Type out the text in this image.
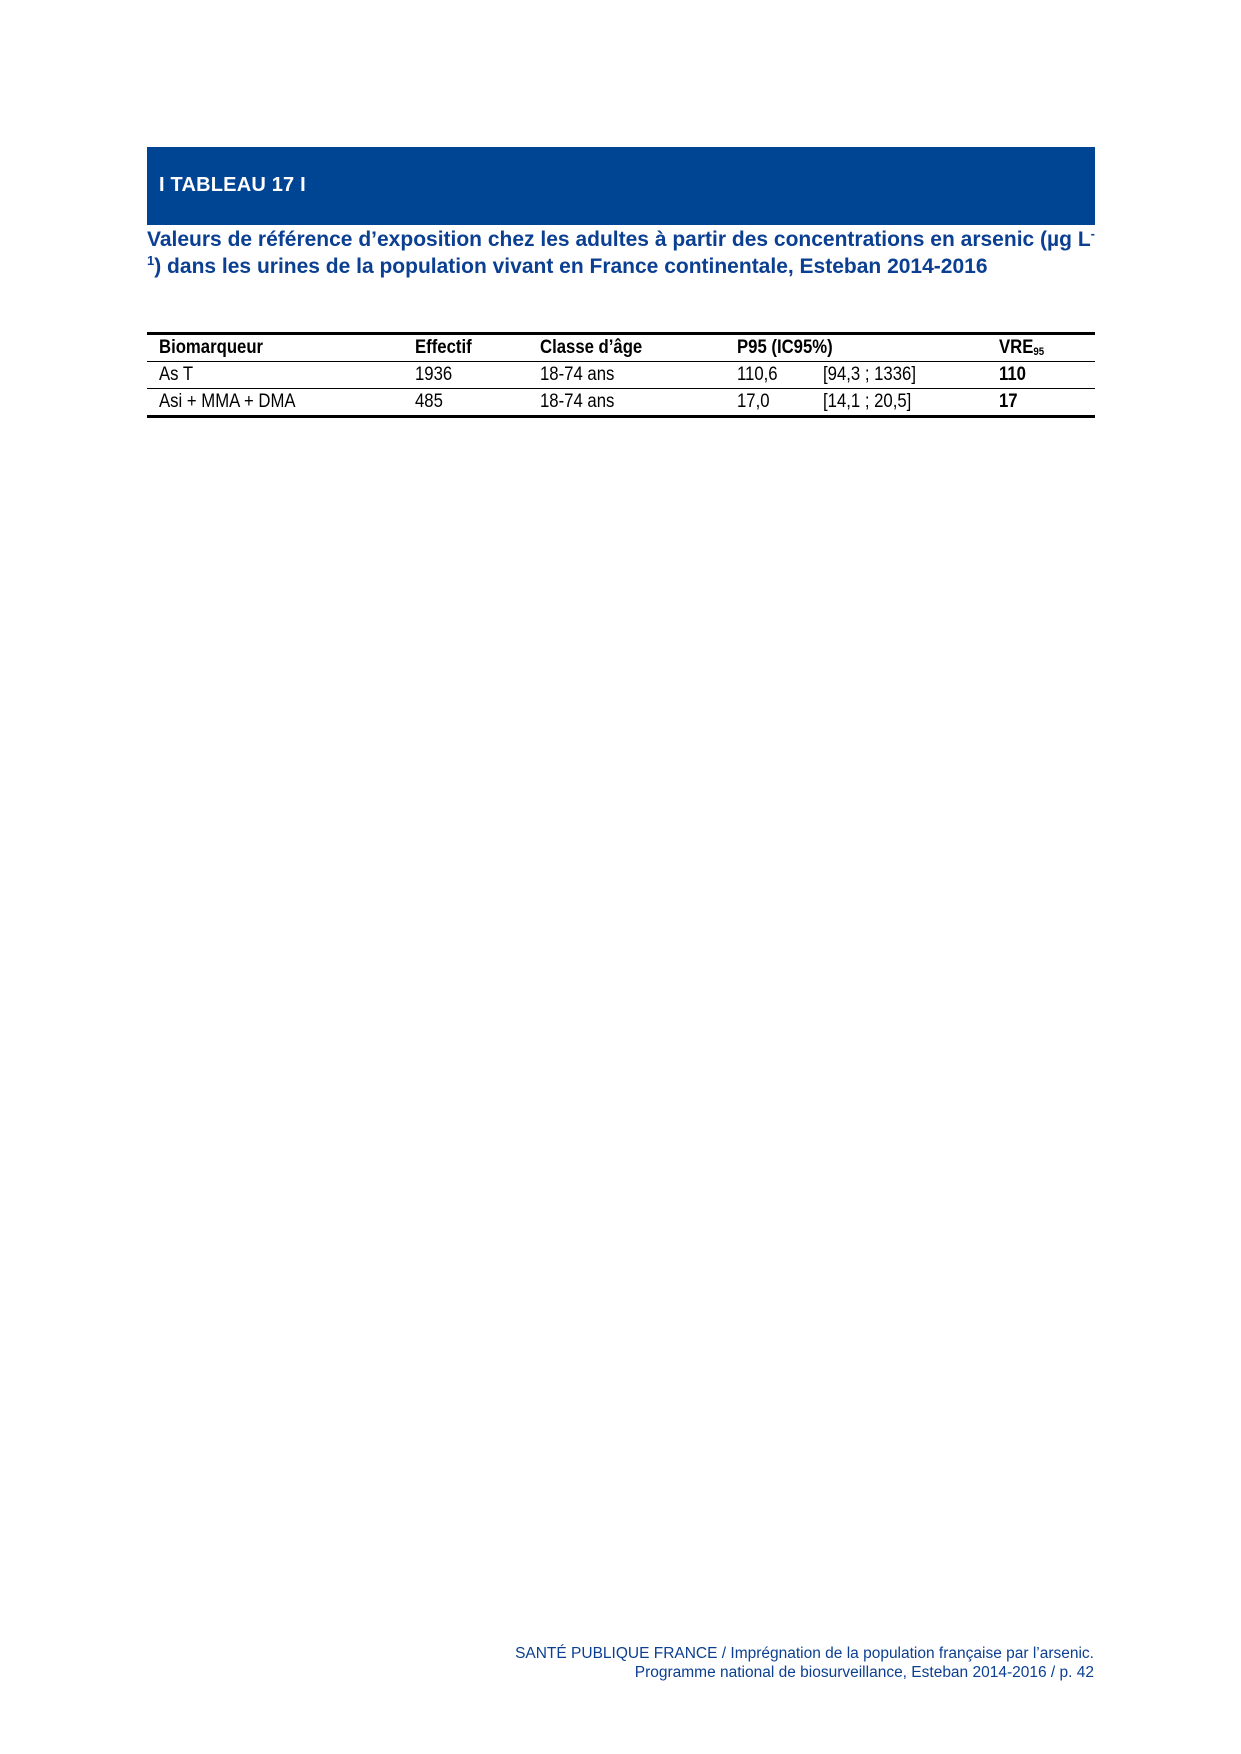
I TABLEAU 17 I
Valeurs de référence d’exposition chez les adultes à partir des concentrations en arsenic (µg $L^{-1}$) dans les urines de la population vivant en France continentale, Esteban 2014-2016
Biomarqueur	Effectif	Classe d’âge	P95 (IC95%)	VRE95
As T	1936	18-74 ans	110,6 [94,3 ; 1336]	110
Asi + MMA + DMA	485	18-74 ans	17,0	[14,1 ; 20,5]	17
SANTÉ PUBLIQUE FRANCE / Imprégnation de la population française par l’arsenic.
Programme national de biosurveillance, Esteban 2014-2016 / p. 42
